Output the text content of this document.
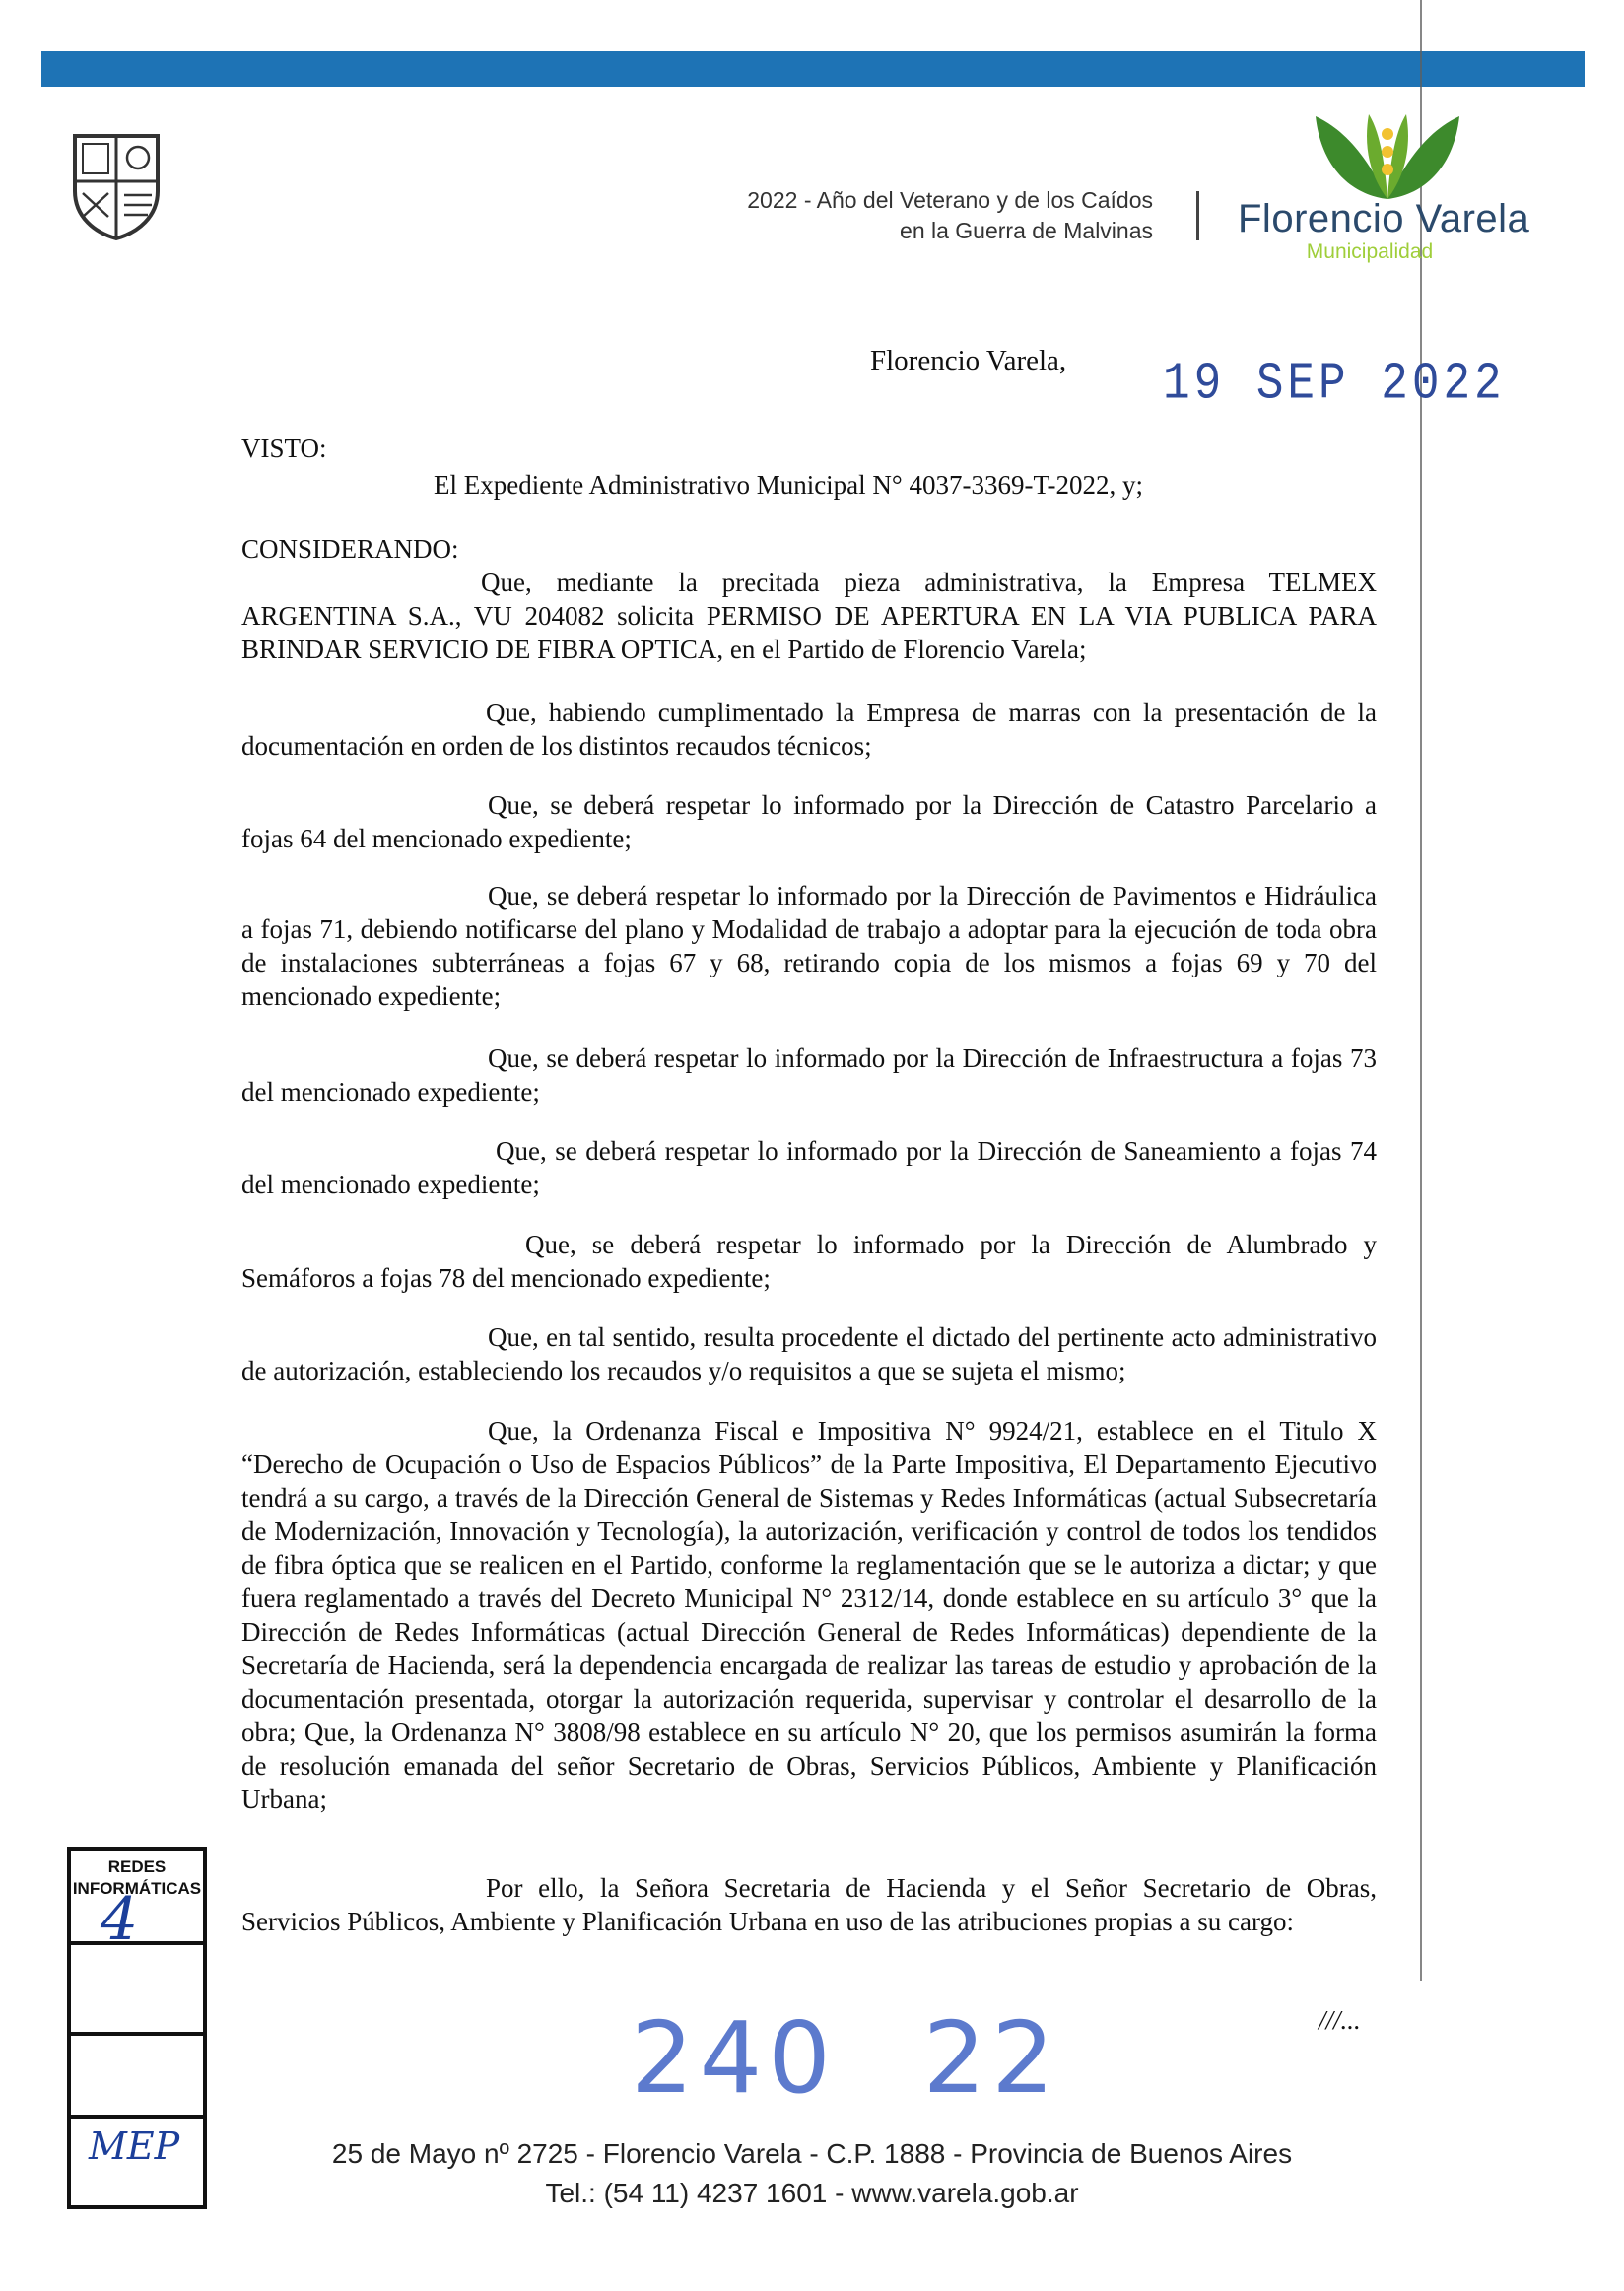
2022 - Año del Veterano y de los Caídos
en la Guerra de Malvinas Florencio Varela
Municipalidad
Florencio Varela, 19 SEP 2022
VISTO:
El Expediente Administrativo Municipal N° 4037-3369-T-2022, y;
CONSIDERANDO:

Que, mediante la precitada pieza administrativa, la Empresa TELMEX ARGENTINA S.A., VU 204082 solicita PERMISO DE APERTURA EN LA VIA PUBLICA PARA BRINDAR SERVICIO DE FIBRA OPTICA, en el Partido de Florencio Varela;

Que, habiendo cumplimentado la Empresa de marras con la presentación de la documentación en orden de los distintos recaudos técnicos;

Que, se deberá respetar lo informado por la Dirección de Catastro Parcelario a fojas 64 del mencionado expediente;

Que, se deberá respetar lo informado por la Dirección de Pavimentos e Hidráulica a fojas 71, debiendo notificarse del plano y Modalidad de trabajo a adoptar para la ejecución de toda obra de instalaciones subterráneas a fojas 67 y 68, retirando copia de los mismos a fojas 69 y 70 del mencionado expediente;

Que, se deberá respetar lo informado por la Dirección de Infraestructura a fojas 73 del mencionado expediente;

Que, se deberá respetar lo informado por la Dirección de Saneamiento a fojas 74 del mencionado expediente;

Que, se deberá respetar lo informado por la Dirección de Alumbrado y Semáforos a fojas 78 del mencionado expediente;

Que, en tal sentido, resulta procedente el dictado del pertinente acto administrativo de autorización, estableciendo los recaudos y/o requisitos a que se sujeta el mismo;

Que, la Ordenanza Fiscal e Impositiva N° 9924/21, establece en el Titulo X “Derecho de Ocupación o Uso de Espacios Públicos” de la Parte Impositiva, El Departamento Ejecutivo tendrá a su cargo, a través de la Dirección General de Sistemas y Redes Informáticas (actual Subsecretaría de Modernización, Innovación y Tecnología), la autorización, verificación y control de todos los tendidos de fibra óptica que se realicen en el Partido, conforme la reglamentación que se le autoriza a dictar; y que fuera reglamentado a través del Decreto Municipal N° 2312/14, donde establece en su artículo 3° que la Dirección de Redes Informáticas (actual Dirección General de Redes Informáticas) dependiente de la Secretaría de Hacienda, será la dependencia encargada de realizar las tareas de estudio y aprobación de la documentación presentada, otorgar la autorización requerida, supervisar y controlar el desarrollo de la obra; Que, la Ordenanza N° 3808/98 establece en su artículo N° 20, que los permisos asumirán la forma de resolución emanada del señor Secretario de Obras, Servicios Públicos, Ambiente y Planificación Urbana;

Por ello, la Señora Secretaria de Hacienda y el Señor Secretario de Obras, Servicios Públicos, Ambiente y Planificación Urbana en uso de las atribuciones propias a su cargo:

REDES
INFORMÁTICAS
4
MEP
240 22	///...
25 de Mayo nº 2725 - Florencio Varela - C.P. 1888 - Provincia de Buenos Aires
Tel.: (54 11) 4237 1601 - www.varela.gob.ar
